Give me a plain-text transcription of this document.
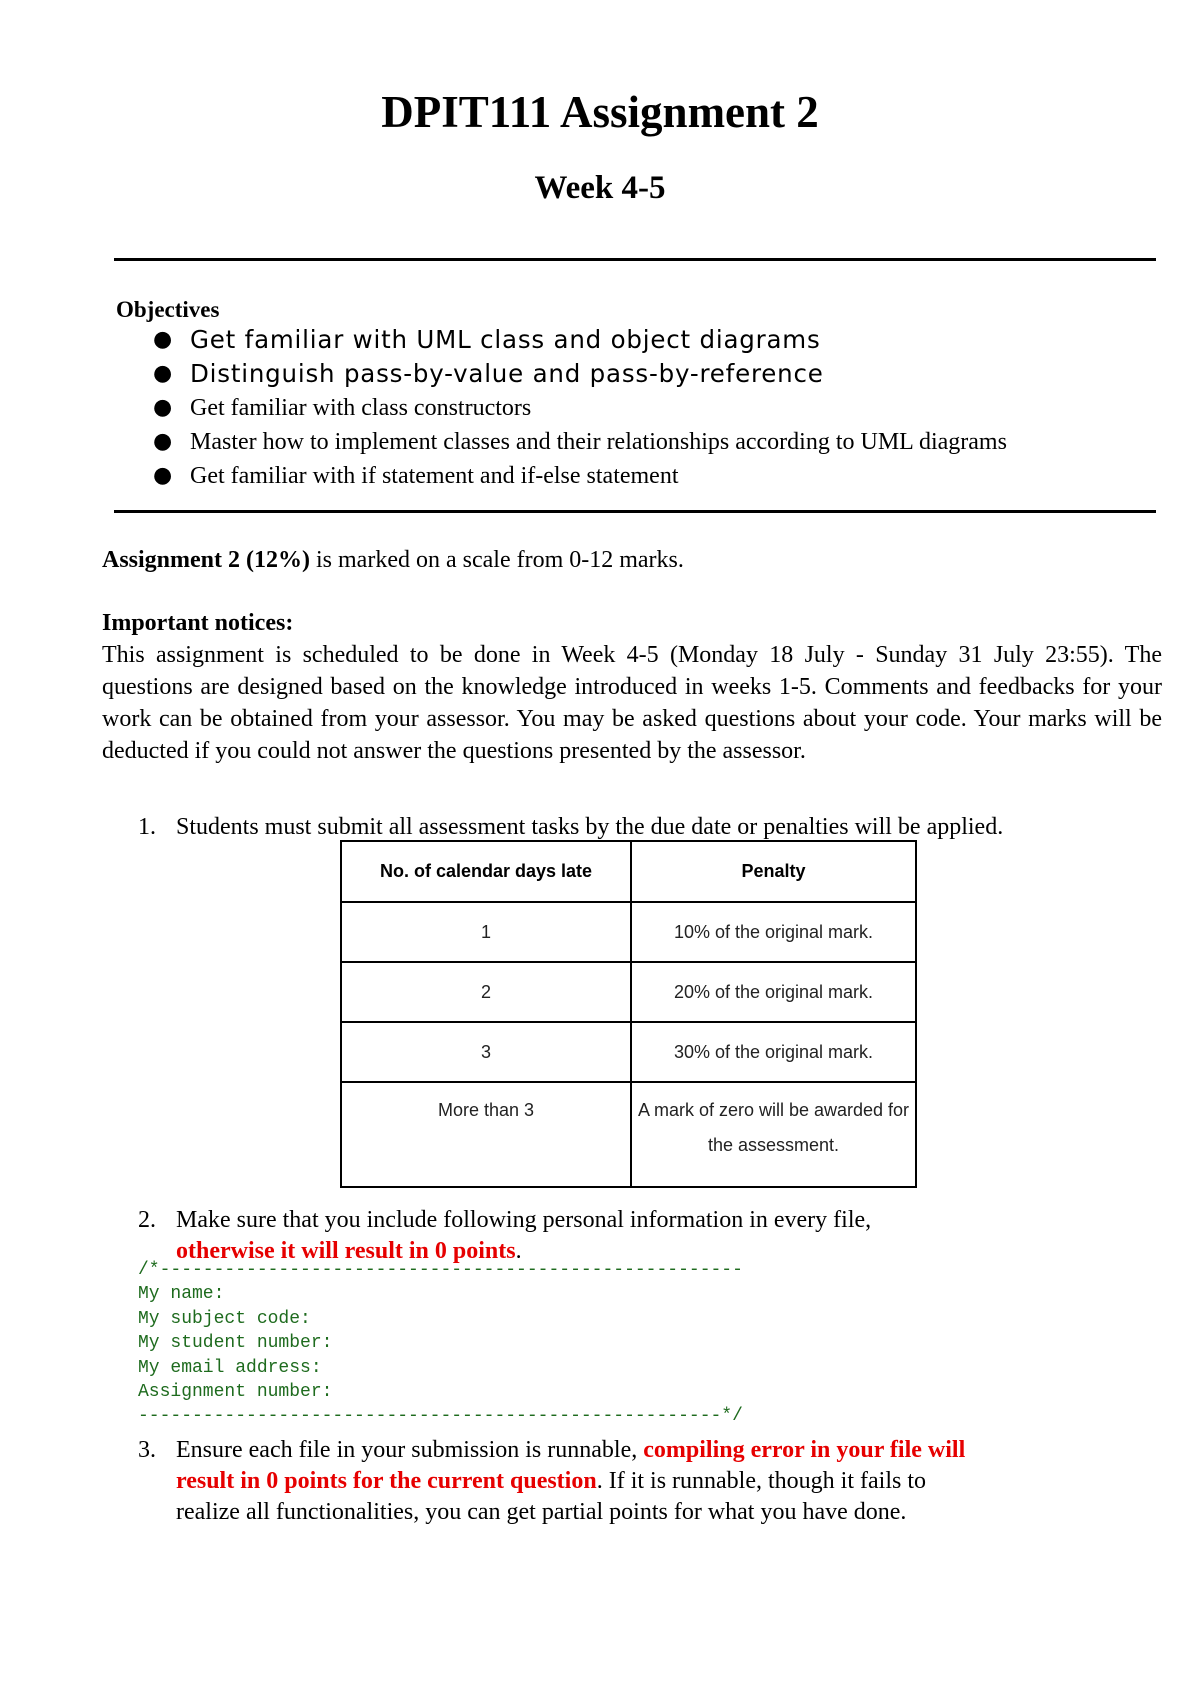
DPIT111 Assignment 2
Week 4-5
Objectives
● Get familiar with UML class and object diagrams
● Distinguish pass-by-value and pass-by-reference
● Get familiar with class constructors
● Master how to implement classes and their relationships according to UML diagrams
● Get familiar with if statement and if-else statement

Assignment 2 (12%) is marked on a scale from 0-12 marks.

Important notices:

This assignment is scheduled to be done in Week 4-5 (Monday 18 July - Sunday 31 July 23:55). The questions are designed based on the knowledge introduced in weeks 1-5. Comments and feedbacks for your work can be obtained from your assessor. You may be asked questions about your code. Your marks will be deducted if you could not answer the questions presented by the assessor.

1. Students must submit all assessment tasks by the due date or penalties will be applied.
No. of calendar days late	Penalty
1	10% of the original mark.
2	20% of the original mark.
3	30% of the original mark.
More than 3	A mark of zero will be awarded for the assessment.
2. Make sure that you include following personal information in every file,
otherwise it will result in 0 points.
/*------------------------------------------------------
My name:
My subject code:
My student number:
My email address:
Assignment number:
------------------------------------------------------*/
3. Ensure each file in your submission is runnable, compiling error in your file will
result in 0 points for the current question. If it is runnable, though it fails to
realize all functionalities, you can get partial points for what you have done.
